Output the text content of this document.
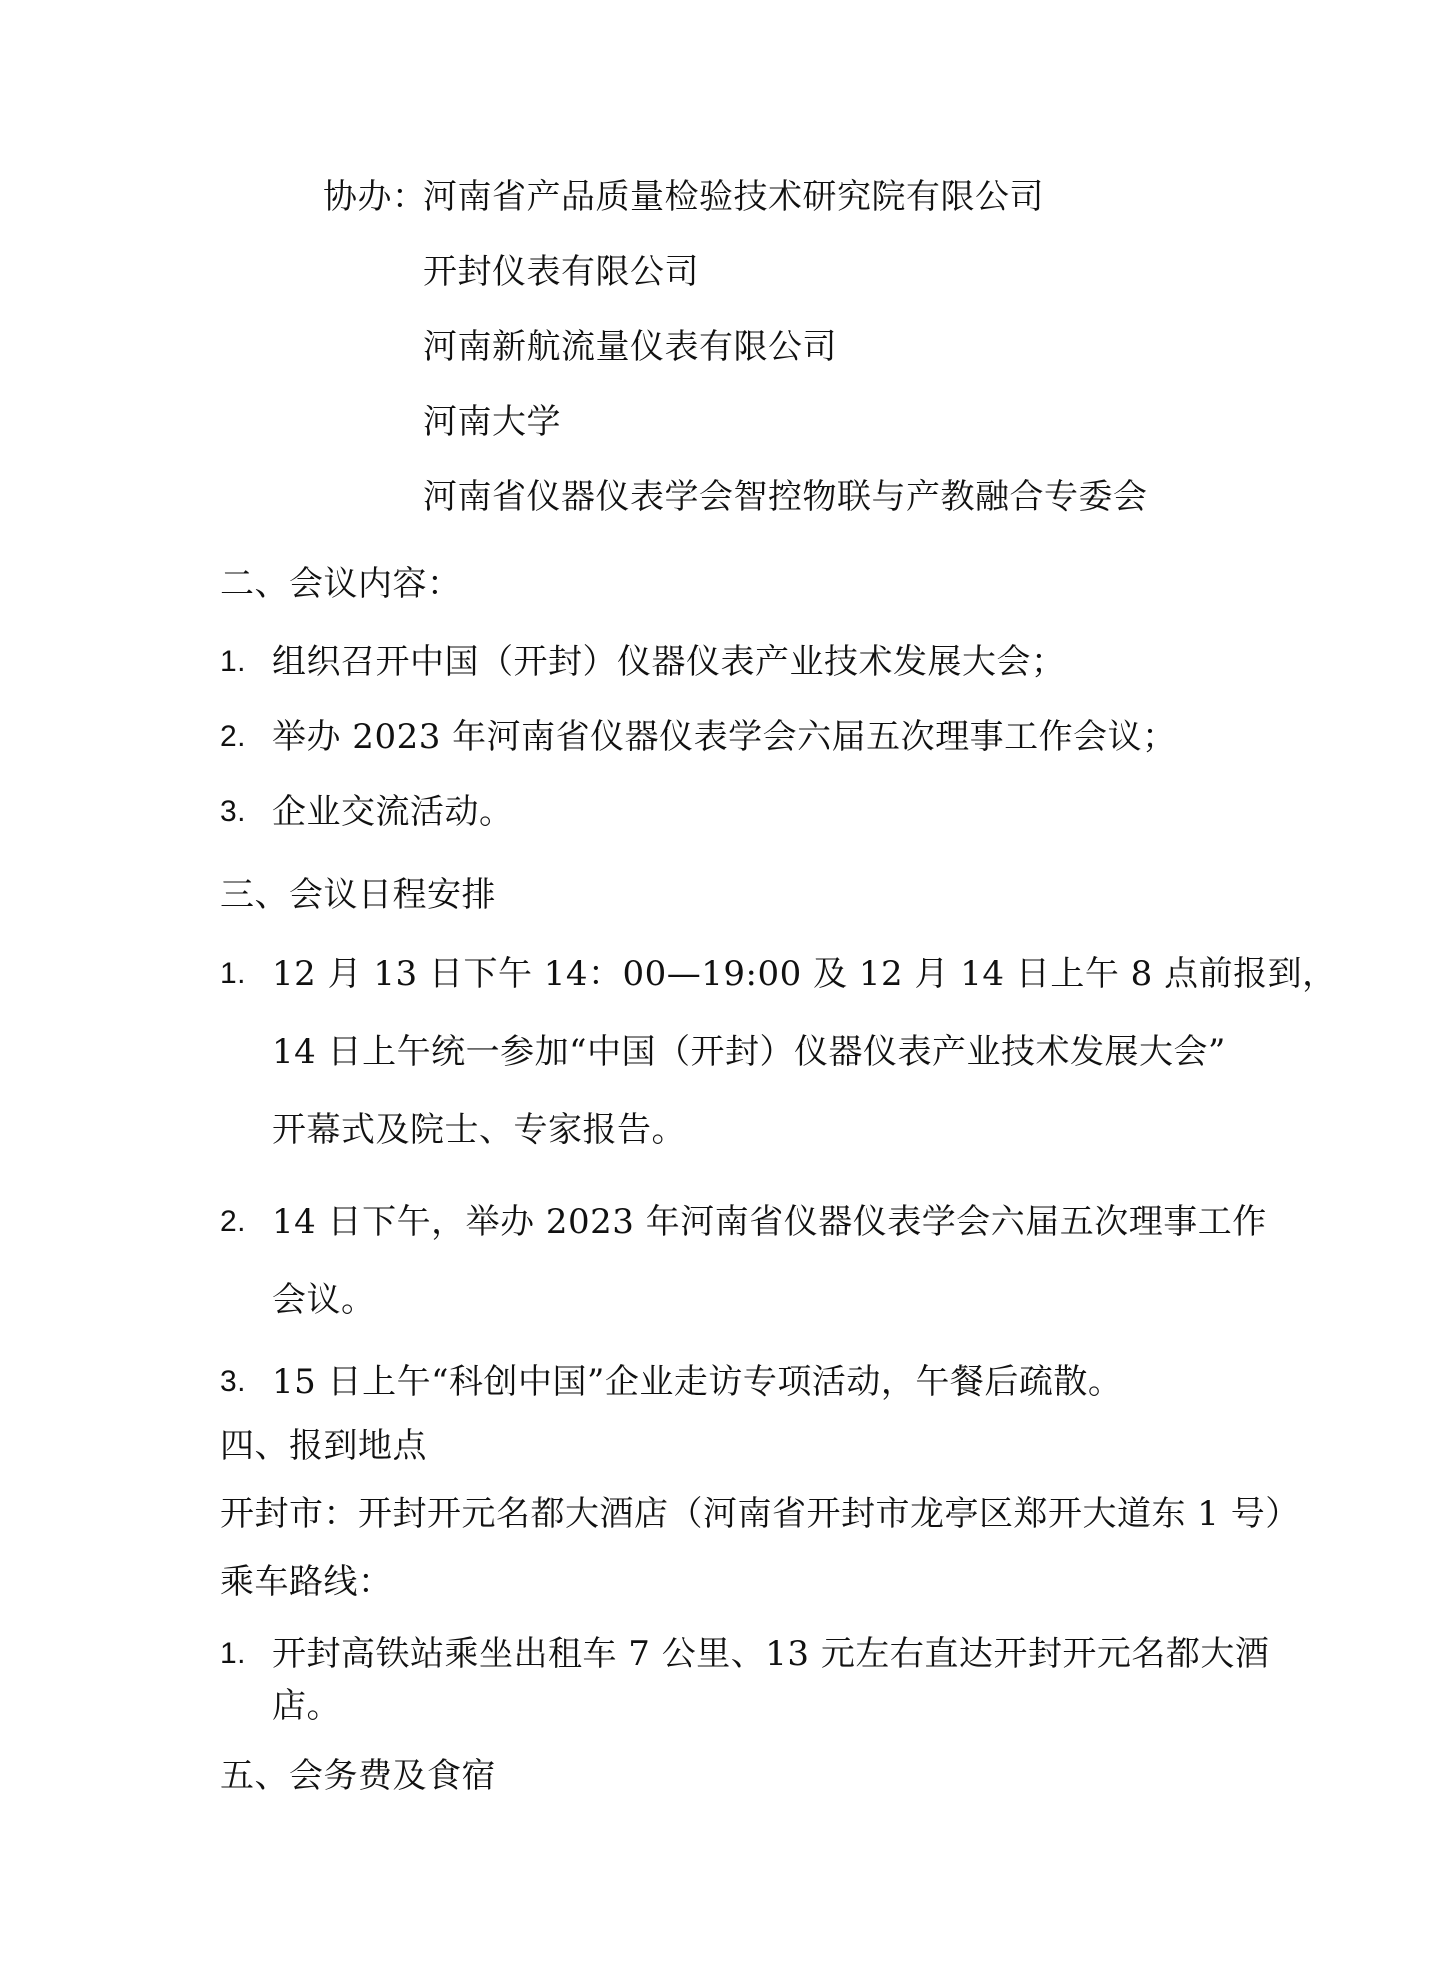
协办：
河南省产品质量检验技术研究院有限公司
开封仪表有限公司
河南新航流量仪表有限公司
河南大学
河南省仪器仪表学会智控物联与产教融合专委会
二、会议内容：
1. 组织召开中国（开封）仪器仪表产业技术发展大会；
2. 举办 2023 年河南省仪器仪表学会六届五次理事工作会议；
3. 企业交流活动。
三、会议日程安排
1. 12 月 13 日下午 14：00—19:00 及 12 月 14 日上午 8 点前报到，
14 日上午统一参加“中国（开封）仪器仪表产业技术发展大会”
开幕式及院士、专家报告。
2. 14 日下午，举办 2023 年河南省仪器仪表学会六届五次理事工作
会议。
3. 15 日上午“科创中国”企业走访专项活动，午餐后疏散。
四、报到地点
开封市：开封开元名都大酒店（河南省开封市龙亭区郑开大道东 1 号）
乘车路线：
1. 开封高铁站乘坐出租车 7 公里、13 元左右直达开封开元名都大酒
店。
五、会务费及食宿
